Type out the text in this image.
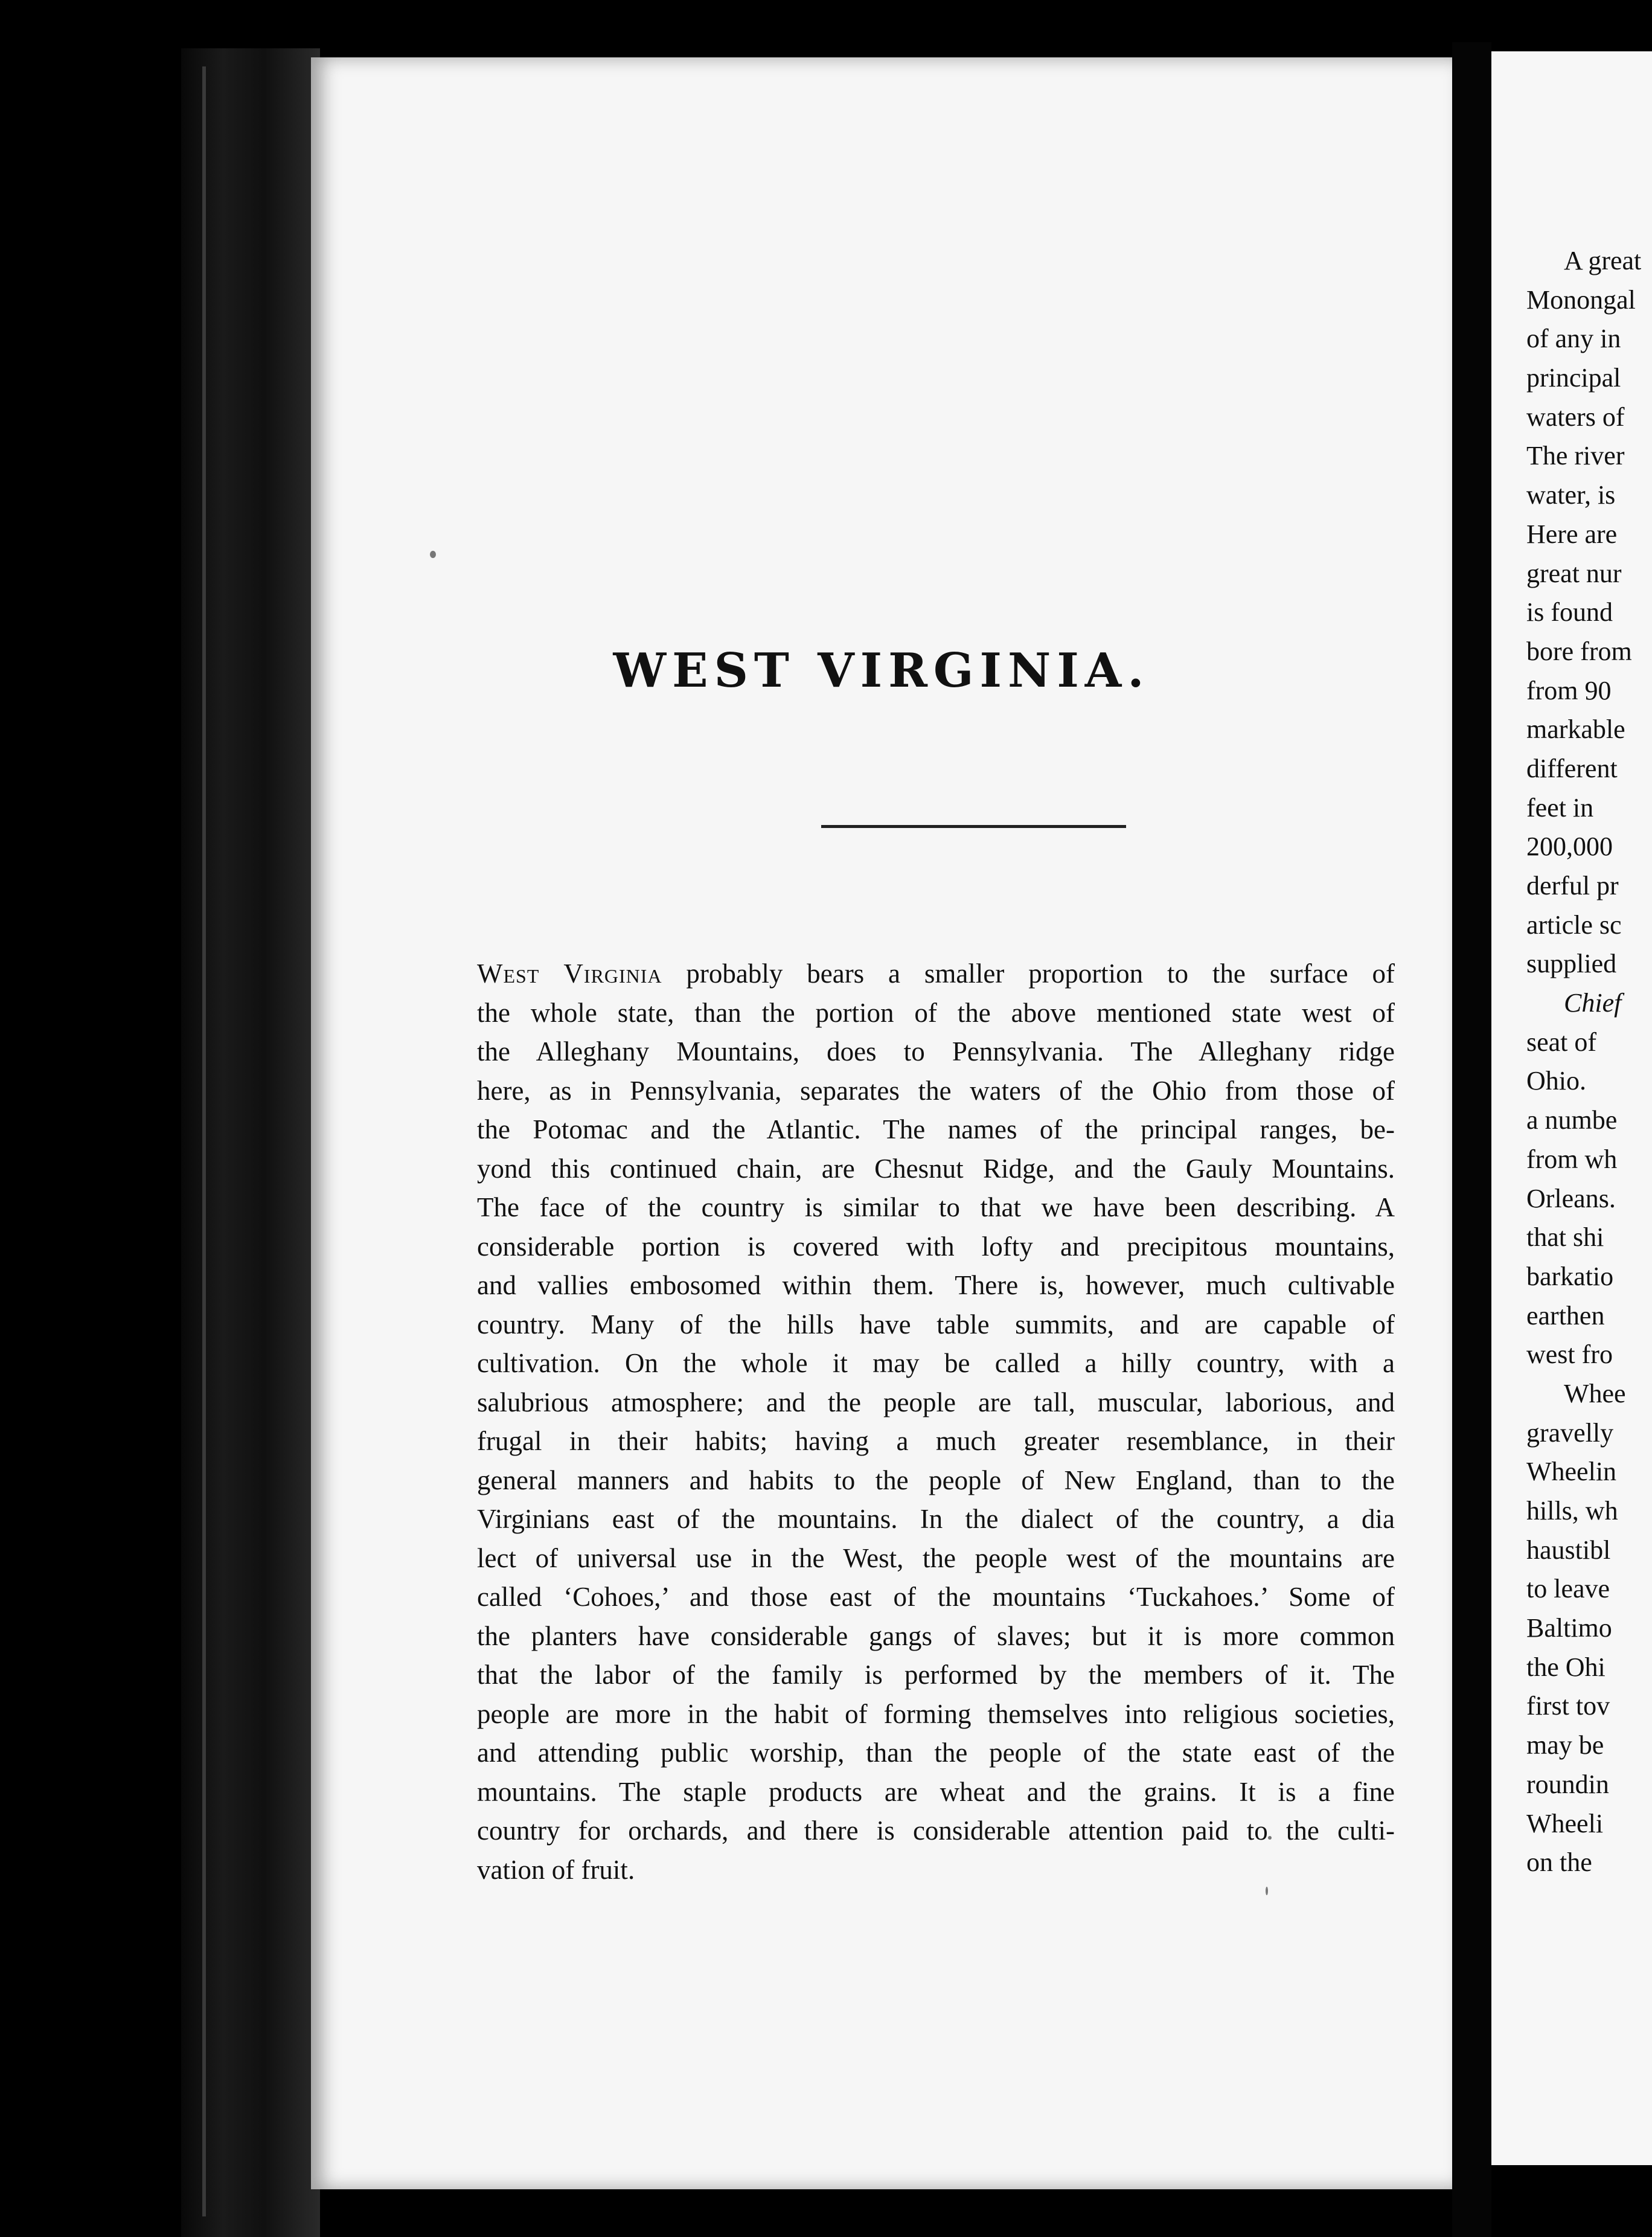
WEST VIRGINIA.
West Virginia probably bears a smaller proportion to the surface of
the whole state, than the portion of the above mentioned state west of
the Alleghany Mountains, does to Pennsylvania. The Alleghany ridge
here, as in Pennsylvania, separates the waters of the Ohio from those of
the Potomac and the Atlantic. The names of the principal ranges, be-
yond this continued chain, are Chesnut Ridge, and the Gauly Mountains.
The face of the country is similar to that we have been describing. A
considerable portion is covered with lofty and precipitous mountains,
and vallies embosomed within them. There is, however, much cultivable
country. Many of the hills have table summits, and are capable of
cultivation. On the whole it may be called a hilly country, with a
salubrious atmosphere; and the people are tall, muscular, laborious, and
frugal in their habits; having a much greater resemblance, in their
general manners and habits to the people of New England, than to the
Virginians east of the mountains. In the dialect of the country, a dia
lect of universal use in the West, the people west of the mountains are
called ‘Cohoes,’ and those east of the mountains ‘Tuckahoes.’ Some of
the planters have considerable gangs of slaves; but it is more common
that the labor of the family is performed by the members of it. The
people are more in the habit of forming themselves into religious societies,
and attending public worship, than the people of the state east of the
mountains. The staple products are wheat and the grains. It is a fine
country for orchards, and there is considerable attention paid to the culti-
vation of fruit.
A great
Monongal
of any in
principal
waters of
The river
water, is
Here are
great nur
is found
bore from
from 90
markable
different
feet in
200,000
derful pr
article sc
supplied
Chief
seat of
Ohio.
a numbe
from wh
Orleans.
that shi
barkatio
earthen
west fro
Whee
gravelly
Wheelin
hills, wh
haustibl
to leave
Baltimo
the Ohi
first tov
may be
roundin
Wheeli
on the
